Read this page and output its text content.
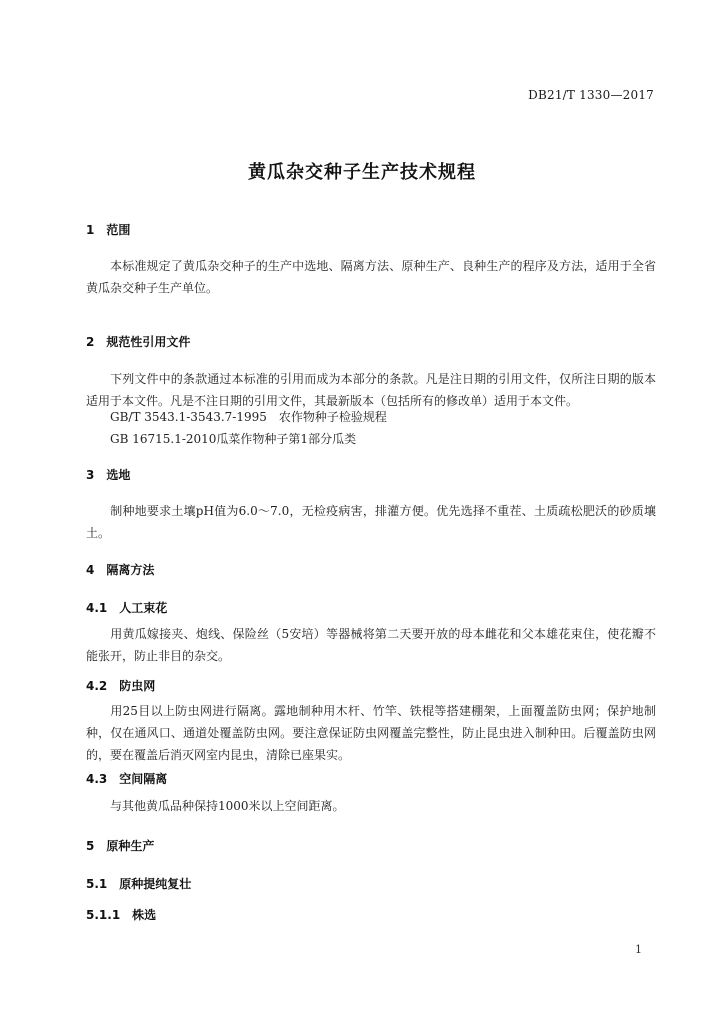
DB21/T 1330—2017
黄瓜杂交种子生产技术规程
1 范围
本标准规定了黄瓜杂交种子的生产中选地、隔离方法、原种生产、良种生产的程序及方法，适用于全省黄瓜杂交种子生产单位。
2 规范性引用文件
下列文件中的条款通过本标准的引用而成为本部分的条款。凡是注日期的引用文件，仅所注日期的版本适用于本文件。凡是不注日期的引用文件，其最新版本（包括所有的修改单）适用于本文件。
GB/T 3543.1-3543.7-1995　农作物种子检验规程
GB 16715.1-2010瓜菜作物种子第1部分瓜类
3 选地
制种地要求土壤pH值为6.0～7.0，无检疫病害，排灌方便。优先选择不重茬、土质疏松肥沃的砂质壤土。
4 隔离方法
4.1 人工束花
用黄瓜嫁接夹、炮线、保险丝（5安培）等器械将第二天要开放的母本雌花和父本雄花束住，使花瓣不能张开，防止非目的杂交。
4.2 防虫网
用25目以上防虫网进行隔离。露地制种用木杆、竹竿、铁棍等搭建棚架，上面覆盖防虫网；保护地制种，仅在通风口、通道处覆盖防虫网。要注意保证防虫网覆盖完整性，防止昆虫进入制种田。后覆盖防虫网的，要在覆盖后消灭网室内昆虫，清除已座果实。
4.3 空间隔离
与其他黄瓜品种保持1000米以上空间距离。
5 原种生产
5.1 原种提纯复壮
5.1.1 株选
1
